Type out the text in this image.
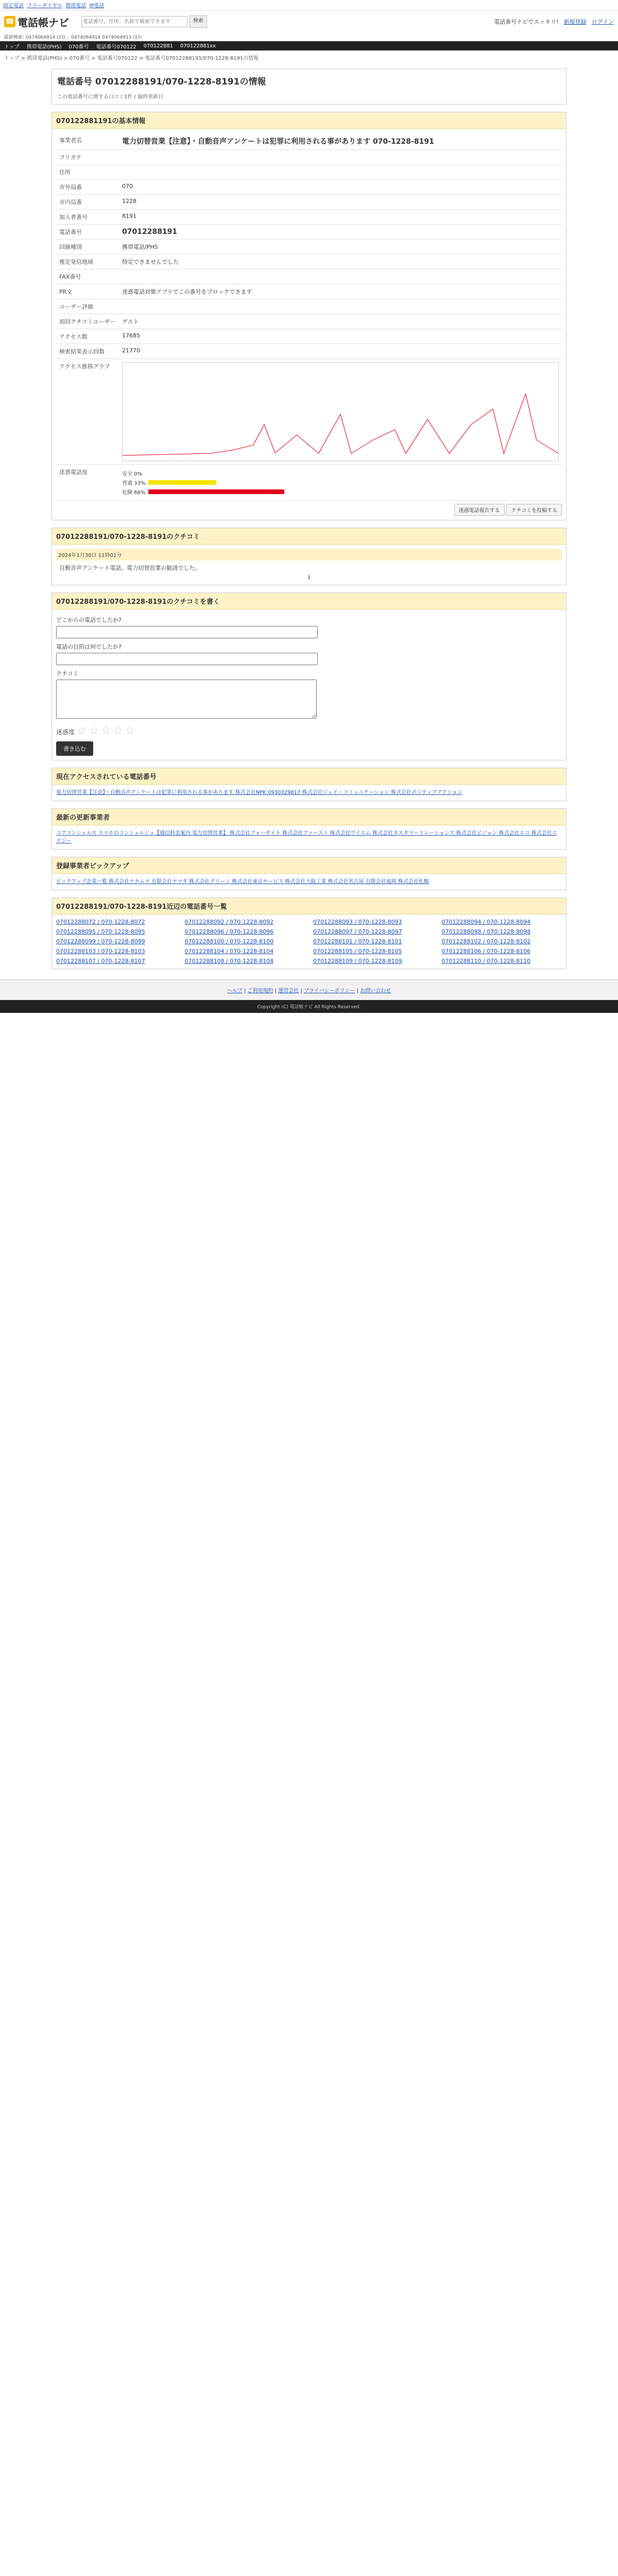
固定電話 フリーダイヤル 携帯電話 IP電話
☎ 電話帳ナビ
電話番号、住所、名称で検索できます	検索	電話番号ナビでスッキリ! 新規登録 ログイン
最新検索: 0474064914 (旧)… 0474064914 0474064913 ほか
トップ 携帯電話(PHS) 070番号 電話番号070122 070122881 070122881xx
トップ > 携帯電話(PHS) > 070番号 > 電話番号070122 > 電話番号07012288191/070-1228-8191の情報
電話番号 07012288191/070-1228-8191の情報
この電話番号に関する口コミ1件 / 最終更新日
070122881191の基本情報
事業者名	電力切替営業【注意】・自動音声アンケートは犯罪に利用される事があります 070-1228-8191
フリガナ	
住所	
市外局番	070
市内局番	1228
加入者番号	8191
電話番号	07012288191
回線種別	携帯電話/PHS
推定発信地域	特定できませんでした
FAX番号	
PR文	迷惑電話対策アプリでこの番号をブロックできます
ユーザー評価	
初回クチコミユーザー	ゲスト
アクセス数	17685
検索結果表示回数	21770
アクセス推移グラフ	

迷惑電話度	安全 0%
普通 33%
危険 66%
迷惑電話報告する クチコミを投稿する
07012288191/070-1228-8191のクチコミ
2024年1月30日 11時01分
自動音声アンケート電話。電力切替営業の勧誘でした。
1
07012288191/070-1228-8191のクチコミを書く
どこからの電話でしたか?
電話の目的は何でしたか?
クチコミ
迷惑度 ☆ ☆ ☆ ☆ ☆
書き込む
現在アクセスされている電話番号
電力切替営業【注意】・自動音声アンケートは犯罪に利用される事があります 株式会社NPK 0930329817 株式会社ジェイ・コミュニケーション 株式会社ポジティブアクション
最新の更新事業者
コアコンシェルス スマホのコンシェルジュ【通信料金案内 電力切替営業】 株式会社フォーサイト 株式会社ファースト 株式会社ワイエム 株式会社カスタマーリレーションズ 株式会社ビジョン 株式会社エコ 株式会社エナジー
登録事業者ピックアップ
ピックアップ企業一覧 株式会社ナカムラ 有限会社ヤマダ 株式会社グリーン 株式会社東京サービス 株式会社大阪工業 株式会社名古屋 有限会社福岡 株式会社札幌
07012288191/070-1228-8191近辺の電話番号一覧
07012288072 / 070-1228-8072	07012288092 / 070-1228-8092	07012288093 / 070-1228-8093	07012288094 / 070-1228-8094
07012288095 / 070-1228-8095	07012288096 / 070-1228-8096	07012288097 / 070-1228-8097	07012288098 / 070-1228-8098
07012288099 / 070-1228-8099	07012288100 / 070-1228-8100	07012288101 / 070-1228-8101	07012288102 / 070-1228-8102
07012288103 / 070-1228-8103	07012288104 / 070-1228-8104	07012288105 / 070-1228-8105	07012288106 / 070-1228-8106
07012288107 / 070-1228-8107	07012288108 / 070-1228-8108	07012288109 / 070-1228-8109	07012288110 / 070-1228-8110
ヘルプ | ご利用規約 | 運営会社 | プライバシーポリシー | お問い合わせ
Copyright (C) 電話帳ナビ All Rights Reserved.
